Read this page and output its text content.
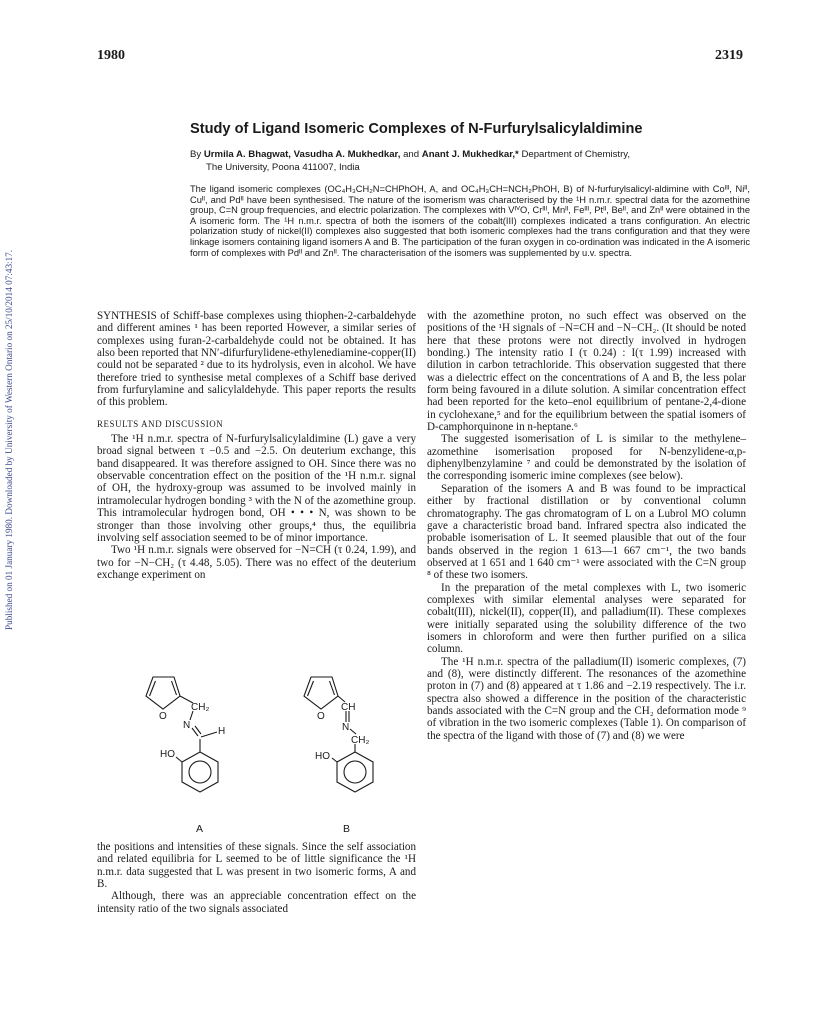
1980	2319
Published on 01 January 1980. Downloaded by University of Western Ontario on 25/10/2014 07:43:17.
Study of Ligand Isomeric Complexes of N-Furfurylsalicylaldimine
By Urmila A. Bhagwat, Vasudha A. Mukhedkar, and Anant J. Mukhedkar,* Department of Chemistry,
The University, Poona 411007, India
The ligand isomeric complexes (OC₄H₃CH₂N=CHPhOH, A, and OC₄H₃CH=NCH₂PhOH, B) of N-furfurylsalicyl-aldimine with Coᴵᴵᴵ, Niᴵᴵ, Cuᴵᴵ, and Pdᴵᴵ have been synthesised. The nature of the isomerism was characterised by the ¹H n.m.r. spectral data for the azomethine group, C=N group frequencies, and electric polarization. The complexes with VᴵⱽO, Crᴵᴵᴵ, Mnᴵᴵ, Feᴵᴵᴵ, Ptᴵᴵ, Beᴵᴵ, and Znᴵᴵ were obtained in the A isomeric form. The ¹H n.m.r. spectra of both the isomers of the cobalt(III) complexes indicated a trans configuration. An electric polarization study of nickel(II) complexes also suggested that both isomeric complexes had the trans configuration and that they were linkage isomers containing ligand isomers A and B. The participation of the furan oxygen in co-ordination was indicated in the A isomeric form of complexes with Pdᴵᴵ and Znᴵᴵ. The characterisation of the isomers was supplemented by u.v. spectra.

SYNTHESIS of Schiff-base complexes using thiophen-2-carbaldehyde and different amines ¹ has been reported However, a similar series of complexes using furan-2-carbaldehyde could not be obtained. It has also been reported that NN′-difurfurylidene-ethylenediamine-copper(II) could not be separated ² due to its hydrolysis, even in alcohol. We have therefore tried to synthesise metal complexes of a Schiff base derived from furfurylamine and salicylaldehyde. This paper reports the results of this problem.

RESULTS AND DISCUSSION

The ¹H n.m.r. spectra of N-furfurylsalicylaldimine (L) gave a very broad signal between τ −0.5 and −2.5. On deuterium exchange, this band disappeared. It was therefore assigned to OH. Since there was no observable concentration effect on the position of the ¹H n.m.r. signal of OH, the hydroxy-group was assumed to be involved mainly in intramolecular hydrogen bonding ³ with the N of the azomethine group. This intramolecular hydrogen bond, OH • • • N, was shown to be stronger than those involving other groups,⁴ thus, the equilibria involving self association seemed to be of minor importance.

Two ¹H n.m.r. signals were observed for −N=CH (τ 0.24, 1.99), and two for −N−CH₂ (τ 4.48, 5.05). There was no effect of the deuterium exchange experiment on

O
CH₂
N
H
HO
A
O
CH
N
CH₂
HO
B

the positions and intensities of these signals. Since the self association and related equilibria for L seemed to be of little significance the ¹H n.m.r. data suggested that L was present in two isomeric forms, A and B.

Although, there was an appreciable concentration effect on the intensity ratio of the two signals associated

with the azomethine proton, no such effect was observed on the positions of the ¹H signals of −N=CH and −N−CH₂. (It should be noted here that these protons were not directly involved in hydrogen bonding.) The intensity ratio I (τ 0.24) : I(τ 1.99) increased with dilution in carbon tetrachloride. This observation suggested that there was a dielectric effect on the concentrations of A and B, the less polar form being favoured in a dilute solution. A similar concentration effect had been reported for the keto–enol equilibrium of pentane-2,4-dione in cyclohexane,⁵ and for the equilibrium between the spatial isomers of D-camphorquinone in n-heptane.⁶

The suggested isomerisation of L is similar to the methylene–azomethine isomerisation proposed for N-benzylidene-α,p-diphenylbenzylamine ⁷ and could be demonstrated by the isolation of the corresponding isomeric imine complexes (see below).

Separation of the isomers A and B was found to be impractical either by fractional distillation or by conventional column chromatography. The gas chromatogram of L on a Lubrol MO column gave a characteristic broad band. Infrared spectra also indicated the probable isomerisation of L. It seemed plausible that out of the four bands observed in the region 1 613—1 667 cm⁻¹, the two bands observed at 1 651 and 1 640 cm⁻¹ were associated with the C=N group ⁸ of these two isomers.

In the preparation of the metal complexes with L, two isomeric complexes with similar elemental analyses were separated for cobalt(III), nickel(II), copper(II), and palladium(II). These complexes were initially separated using the solubility difference of the two isomers in chloroform and were then further purified on a silica column.

The ¹H n.m.r. spectra of the palladium(II) isomeric complexes, (7) and (8), were distinctly different. The resonances of the azomethine proton in (7) and (8) appeared at τ 1.86 and −2.19 respectively. The i.r. spectra also showed a difference in the position of the characteristic bands associated with the C=N group and the CH₂ deformation mode ⁹ of vibration in the two isomeric complexes (Table 1). On comparison of the spectra of the ligand with those of (7) and (8) we were
